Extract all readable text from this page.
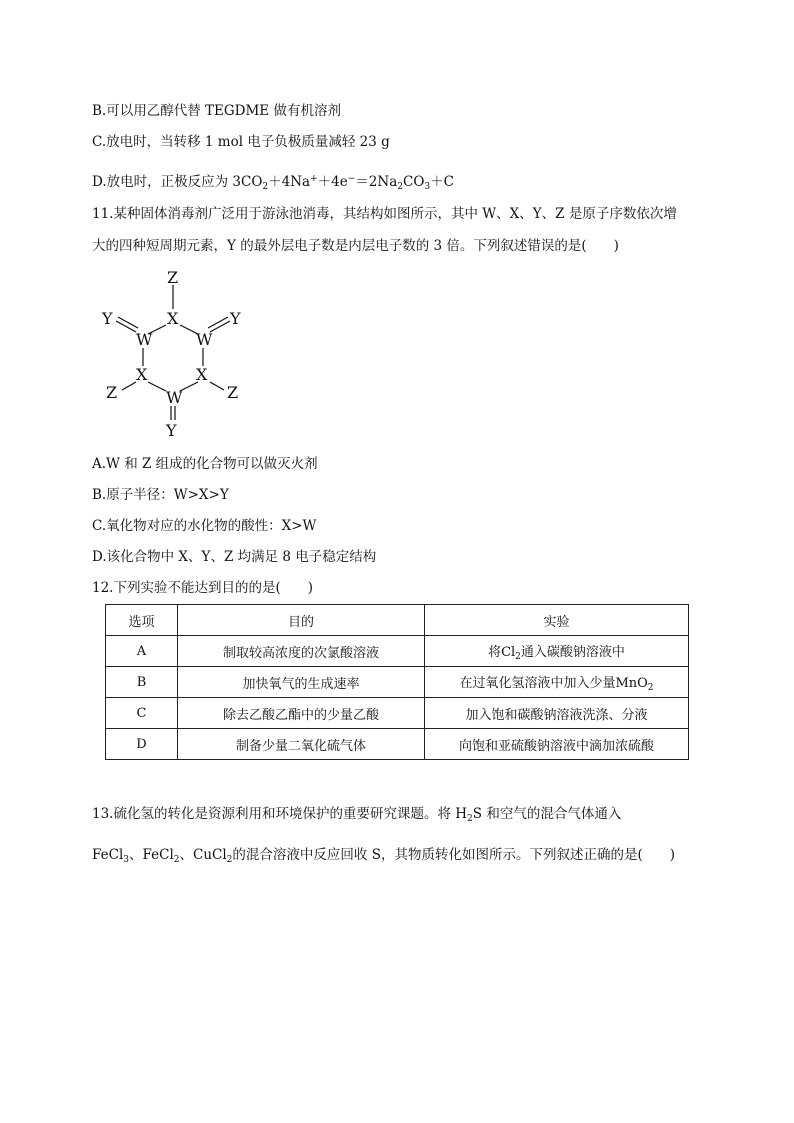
B.可以用乙醇代替 TEGDME 做有机溶剂
C.放电时，当转移 1 mol 电子负极质量减轻 23 g
D.放电时，正极反应为 $3CO_2+4Na^++4e^-=2Na_2CO_3+C$
11.某种固体消毒剂广泛用于游泳池消毒，其结构如图所示，其中 W、X、Y、Z 是原子序数依次增
大的四种短周期元素，Y 的最外层电子数是内层电子数的 3 倍。下列叙述错误的是(　　)
Z
X
Y	Y
W	W
X	X
Z	Z
W
Y
A.W 和 Z 组成的化合物可以做灭火剂
B.原子半径：W>X>Y
C.氧化物对应的水化物的酸性：X>W
D.该化合物中 X、Y、Z 均满足 8 电子稳定结构
12.下列实验不能达到目的的是(　　)
选项	目的	实验
A	制取较高浓度的次氯酸溶液	将$Cl_2$通入碳酸钠溶液中
B	加快氧气的生成速率	在过氧化氢溶液中加入少量MnO$_2$
C	除去乙酸乙酯中的少量乙酸	加入饱和碳酸钠溶液洗涤、分液
D	制备少量二氧化硫气体	向饱和亚硫酸钠溶液中滴加浓硫酸
13.硫化氢的转化是资源利用和环境保护的重要研究课题。将 $H_2S$ 和空气的混合气体通入
FeCl$_3$、FeCl$_2$、CuCl$_2$的混合溶液中反应回收 S，其物质转化如图所示。下列叙述正确的是(　　)
